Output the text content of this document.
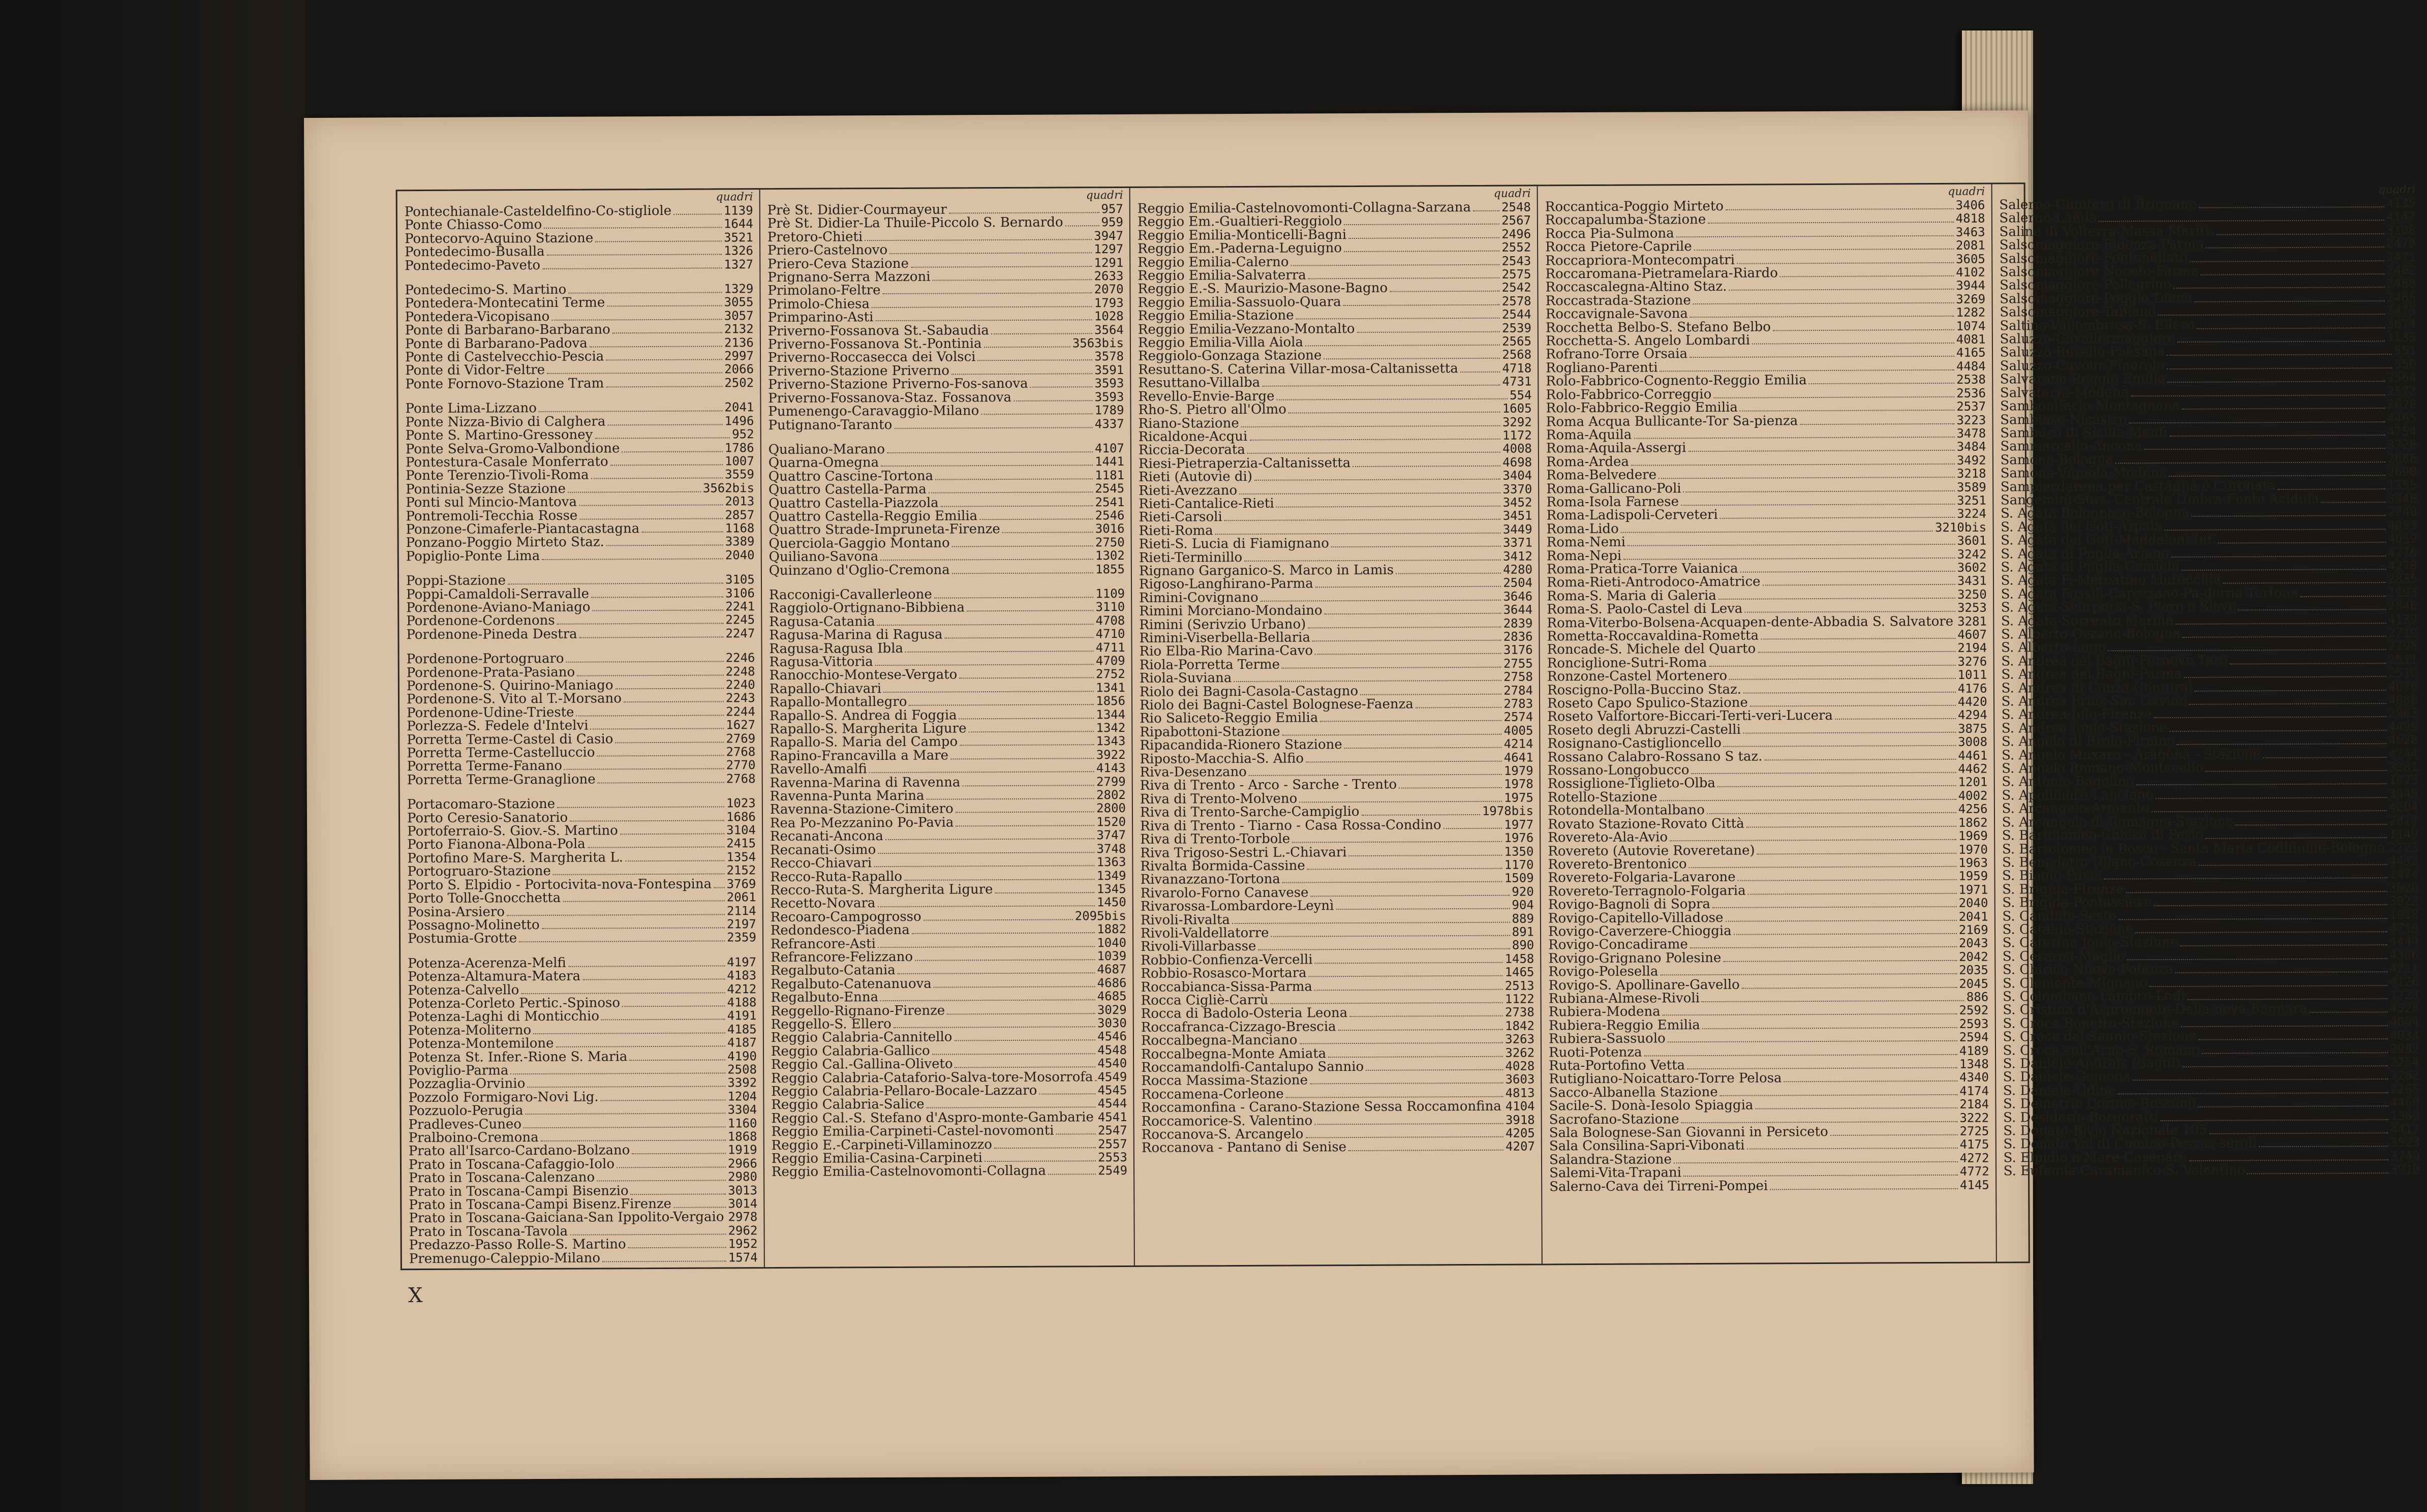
quadri
Pontechianale-Casteldelfino-Co-stigliole	1139
Ponte Chiasso-Como	1644
Pontecorvo-Aquino Stazione	3521
Pontedecimo-Busalla	1326
Pontedecimo-Paveto	1327
Pontedecimo-S. Martino	1329
Pontedera-Montecatini Terme	3055
Pontedera-Vicopisano	3057
Ponte di Barbarano-Barbarano	2132
Ponte di Barbarano-Padova	2136
Ponte di Castelvecchio-Pescia	2997
Ponte di Vidor-Feltre	2066
Ponte Fornovo-Stazione Tram	2502
Ponte Lima-Lizzano	2041
Ponte Nizza-Bivio di Calghera	1496
Ponte S. Martino-Gressoney	952
Ponte Selva-Gromo-Valbondione	1786
Pontestura-Casale Monferrato	1007
Ponte Terenzio-Tivoli-Roma	3559
Pontinia-Sezze Stazione	3562bis
Ponti sul Mincio-Mantova	2013
Pontremoli-Tecchia Rosse	2857
Ponzone-Cimaferle-Piantacastagna	1168
Ponzano-Poggio Mirteto Staz.	3389
Popiglio-Ponte Lima	2040
Poppi-Stazione	3105
Poppi-Camaldoli-Serravalle	3106
Pordenone-Aviano-Maniago	2241
Pordenone-Cordenons	2245
Pordenone-Pineda Destra	2247
Pordenone-Portogruaro	2246
Pordenone-Prata-Pasiano	2248
Pordenone-S. Quirino-Maniago	2240
Pordenone-S. Vito al T.-Morsano	2243
Pordenone-Udine-Trieste	2244
Porlezza-S. Fedele d'Intelvi	1627
Porretta Terme-Castel di Casio	2769
Porretta Terme-Castelluccio	2768
Porretta Terme-Fanano	2770
Porretta Terme-Granaglione	2768
Portacomaro-Stazione	1023
Porto Ceresio-Sanatorio	1686
Portoferraio-S. Giov.-S. Martino	3104
Porto Fianona-Albona-Pola	2415
Portofino Mare-S. Margherita L.	1354
Portogruaro-Stazione	2152
Porto S. Elpidio - Portocivita-nova-Fontespina 3769
Porto Tolle-Gnocchetta	2061
Posina-Arsiero	2114
Possagno-Molinetto	2197
Postumia-Grotte	2359
Potenza-Acerenza-Melfi	4197
Potenza-Altamura-Matera	4183
Potenza-Calvello	4212
Potenza-Corleto Pertic.-Spinoso	4188
Potenza-Laghi di Monticchio	4191
Potenza-Moliterno	4185
Potenza-Montemilone	4187
Potenza St. Infer.-Rione S. Maria	4190
Poviglio-Parma	2508
Pozzaglia-Orvinio	3392
Pozzolo Formigaro-Novi Lig.	1204
Pozzuolo-Perugia	3304
Pradleves-Cuneo	1160
Pralboino-Cremona	1868
Prato all'Isarco-Cardano-Bolzano	1919
Prato in Toscana-Cafaggio-Iolo	2966
Prato in Toscana-Calenzano	2980
Prato in Toscana-Campi Bisenzio	3013
Prato in Toscana-Campi Bisenz.Firenze	3014
Prato in Toscana-Gaiciana-San Ippolito-Vergaio 2978
Prato in Toscana-Tavola	2962
Predazzo-Passo Rolle-S. Martino	1952
Premenugo-Caleppio-Milano	1574
quadri
Prè St. Didier-Courmayeur	957
Prè St. Didier-La Thuile-Piccolo S. Bernardo	959
Pretoro-Chieti	3947
Priero-Castelnovo	1297
Priero-Ceva Stazione	1291
Prignano-Serra Mazzoni	2633
Primolano-Feltre	2070
Primolo-Chiesa	1793
Primparino-Asti	1028
Priverno-Fossanova St.-Sabaudia	3564
Priverno-Fossanova St.-Pontinia	3563bis
Priverno-Roccasecca dei Volsci	3578
Priverno-Stazione Priverno	3591
Priverno-Stazione Priverno-Fos-sanova	3593
Priverno-Fossanova-Staz. Fossanova	3593
Pumenengo-Caravaggio-Milano	1789
Putignano-Taranto	4337
Qualiano-Marano	4107
Quarna-Omegna	1441
Quattro Cascine-Tortona	1181
Quattro Castella-Parma	2545
Quattro Castella-Piazzola	2541
Quattro Castella-Reggio Emilia	2546
Quattro Strade-Impruneta-Firenze	3016
Querciola-Gaggio Montano	2750
Quiliano-Savona	1302
Quinzano d'Oglio-Cremona	1855
Racconigi-Cavallerleone	1109
Raggiolo-Ortignano-Bibbiena	3110
Ragusa-Catania	4708
Ragusa-Marina di Ragusa	4710
Ragusa-Ragusa Ibla	4711
Ragusa-Vittoria	4709
Ranocchio-Montese-Vergato	2752
Rapallo-Chiavari	1341
Rapallo-Montallegro	1856
Rapallo-S. Andrea di Foggia	1344
Rapallo-S. Margherita Ligure	1342
Rapallo-S. Maria del Campo	1343
Rapino-Francavilla a Mare	3922
Ravello-Amalfi	4143
Ravenna-Marina di Ravenna	2799
Ravenna-Punta Marina	2802
Ravenna-Stazione-Cimitero	2800
Rea Po-Mezzanino Po-Pavia	1520
Recanati-Ancona	3747
Recanati-Osimo	3748
Recco-Chiavari	1363
Recco-Ruta-Rapallo	1349
Recco-Ruta-S. Margherita Ligure	1345
Recetto-Novara	1450
Recoaro-Campogrosso	2095bis
Redondesco-Piadena	1882
Refrancore-Asti	1040
Refrancore-Felizzano	1039
Regalbuto-Catania	4687
Regalbuto-Catenanuova	4686
Regalbuto-Enna	4685
Reggello-Rignano-Firenze	3029
Reggello-S. Ellero	3030
Reggio Calabria-Cannitello	4546
Reggio Calabria-Gallico	4548
Reggio Cal.-Gallina-Oliveto	4540
Reggio Calabria-Cataforio-Salva-tore-Mosorrofa 4549
Reggio Calabria-Pellaro-Bocale-Lazzaro	4545
Reggio Calabria-Salice	4544
Reggio Cal.-S. Stefano d'Aspro-monte-Gambarie 4541
Reggio Emilia-Carpineti-Castel-novomonti	2547
Reggio E.-Carpineti-Villaminozzo	2557
Reggio Emilia-Casina-Carpineti	2553
Reggio Emilia-Castelnovomonti-Collagna	2549
quadri
Reggio Emilia-Castelnovomonti-Collagna-Sarzana	2548
Reggio Em.-Gualtieri-Reggiolo	2567
Reggio Emilia-Monticelli-Bagni	2496
Reggio Em.-Paderna-Leguigno	2552
Reggio Emilia-Calerno	2543
Reggio Emilia-Salvaterra	2575
Reggio E.-S. Maurizio-Masone-Bagno	2542
Reggio Emilia-Sassuolo-Quara	2578
Reggio Emilia-Stazione	2544
Reggio Emilia-Vezzano-Montalto	2539
Reggio Emilia-Villa Aiola	2565
Reggiolo-Gonzaga Stazione	2568
Resuttano-S. Caterina Villar-mosa-Caltanissetta	4718
Resuttano-Villalba	4731
Revello-Envie-Barge	554
Rho-S. Pietro all'Olmo	1605
Riano-Stazione	3292
Ricaldone-Acqui	1172
Riccia-Decorata	4008
Riesi-Pietraperzia-Caltanissetta	4698
Rieti (Autovie di)	3404
Rieti-Avezzano	3370
Rieti-Cantalice-Rieti	3452
Rieti-Carsoli	3451
Rieti-Roma	3449
Rieti-S. Lucia di Fiamignano	3371
Rieti-Terminillo	3412
Rignano Garganico-S. Marco in Lamis	4280
Rigoso-Langhirano-Parma	2504
Rimini-Covignano	3646
Rimini Morciano-Mondaino	3644
Rimini (Serivzio Urbano)	2839
Rimini-Viserbella-Bellaria	2836
Rio Elba-Rio Marina-Cavo	3176
Riola-Porretta Terme	2755
Riola-Suviana	2758
Riolo dei Bagni-Casola-Castagno	2784
Riolo dei Bagni-Castel Bolognese-Faenza	2783
Rio Saliceto-Reggio Emilia	2574
Ripabottoni-Stazione	4005
Ripacandida-Rionero Stazione	4214
Riposto-Macchia-S. Alfio	4641
Riva-Desenzano	1979
Riva di Trento - Arco - Sarche - Trento	1978
Riva di Trento-Molveno	1975
Riva di Trento-Sarche-Campiglio	1978bis
Riva di Trento - Tiarno - Casa Rossa-Condino	1977
Riva di Trento-Torbole	1976
Riva Trigoso-Sestri L.-Chiavari	1350
Rivalta Bormida-Cassine	1170
Rivanazzano-Tortona	1509
Rivarolo-Forno Canavese	920
Rivarossa-Lombardore-Leynì	904
Rivoli-Rivalta	889
Rivoli-Valdellatorre	891
Rivoli-Villarbasse	890
Robbio-Confienza-Vercelli	1458
Robbio-Rosasco-Mortara	1465
Roccabianca-Sissa-Parma	2513
Rocca Cigliè-Carrù	1122
Rocca di Badolo-Osteria Leona	2738
Roccafranca-Cizzago-Brescia	1842
Roccalbegna-Manciano	3263
Roccalbegna-Monte Amiata	3262
Roccamandolfi-Cantalupo Sannio	4028
Rocca Massima-Stazione	3603
Roccamena-Corleone	4813
Roccamonfina - Carano-Stazione Sessa Roccamonfina 4104
Roccamorice-S. Valentino	3918
Roccanova-S. Arcangelo	4205
Roccanova - Pantano di Senise	4207
quadri
Roccantica-Poggio Mirteto	3406
Roccapalumba-Stazione	4818
Rocca Pia-Sulmona	3463
Rocca Pietore-Caprile	2081
Roccapriora-Montecompatri	3605
Roccaromana-Pietramelara-Riardo	4102
Roccascalegna-Altino Staz.	3944
Roccastrada-Stazione	3269
Roccavignale-Savona	1282
Rocchetta Belbo-S. Stefano Belbo	1074
Rocchetta-S. Angelo Lombardi	4081
Rofrano-Torre Orsaia	4165
Rogliano-Parenti	4484
Rolo-Fabbrico-Cognento-Reggio Emilia	2538
Rolo-Fabbrico-Correggio	2536
Rolo-Fabbrico-Reggio Emilia	2537
Roma Acqua Bullicante-Tor Sa-pienza	3223
Roma-Aquila	3478
Roma-Aquila-Assergi	3484
Roma-Ardea	3492
Roma-Belvedere	3218
Roma-Gallicano-Poli	3589
Roma-Isola Farnese	3251
Roma-Ladispoli-Cerveteri	3224
Roma-Lido	3210bis
Roma-Nemi	3601
Roma-Nepi	3242
Roma-Pratica-Torre Vaianica	3602
Roma-Rieti-Antrodoco-Amatrice	3431
Roma-S. Maria di Galeria	3250
Roma-S. Paolo-Castel di Leva	3253
Roma-Viterbo-Bolsena-Acquapen-dente-Abbadia S. Salvatore 3281
Rometta-Roccavaldina-Rometta	4607
Roncade-S. Michele del Quarto	2194
Ronciglione-Sutri-Roma	3276
Ronzone-Castel Mortenero	1011
Roscigno-Polla-Buccino Staz.	4176
Roseto Capo Spulico-Stazione	4420
Roseto Valfortore-Biccari-Terti-veri-Lucera	4294
Roseto degli Abruzzi-Castelli	3875
Rosignano-Castiglioncello	3008
Rossano Calabro-Rossano S taz.	4461
Rossano-Longobucco	4462
Rossiglione-Tiglieto-Olba	1201
Rotello-Stazione	4002
Rotondella-Montalbano	4256
Rovato Stazione-Rovato Città	1862
Rovereto-Ala-Avio	1969
Rovereto (Autovie Roveretane)	1970
Rovereto-Brentonico	1963
Rovereto-Folgaria-Lavarone	1959
Rovereto-Terragnolo-Folgaria	1971
Rovigo-Bagnoli di Sopra	2040
Rovigo-Capitello-Villadose	2041
Rovigo-Caverzere-Chioggia	2169
Rovigo-Concadirame	2043
Rovigo-Grignano Polesine	2042
Rovigo-Polesella	2035
Rovigo-S. Apollinare-Gavello	2045
Rubiana-Almese-Rivoli	886
Rubiera-Modena	2592
Rubiera-Reggio Emilia	2593
Rubiera-Sassuolo	2594
Ruoti-Potenza	4189
Ruta-Portofino Vetta	1348
Rutigliano-Noicattaro-Torre Pelosa	4340
Sacco-Albanella Stazione	4174
Sacile-S. Donà-Iesolo Spiaggia	2184
Sacrofano-Stazione	3222
Sala Bolognese-San Giovanni in Persiceto	2725
Sala Consilina-Sapri-Vibonati	4175
Salandra-Stazione	4272
Salemi-Vita-Trapani	4772
Salerno-Cava dei Tirreni-Pompei	4145
quadri
Salerno-Cimitero di Brignano	4135
Salerno-Lamia	4147
Saline di Volterra-Massa Maritt.	3108
Salsomaggiore-Fidenza-Parma	2478
Salsomaggiore-Fontanellato	2471
Salsomaggiore Noceto-Parma	2482
Salsomaggiore-Pellegrino	2480
Salsomaggiore-Poggio Diana	2465
Salsomaggiore-Tabiano	2475
Saltino-Vallombrosa-S. Ellero	3074
Saluzzo-Cavallermaggiore	1135
Saluzzo-Revello-Paesana	551
Saluzzo-Cavour-Pinerolo	550
Salvarano-Reggio Emilia	2564
Salvaterra-Modena	2572
Sambonifacio-Montagnana	2028
Sambiase-Nicastro	4465
Sambuca di Sicilia-Menfi	4754
Sammarcello-Ancona	3728
Samone-Bologna	2688
Samone-Vignola-Modena	2690
Sampierdarena per Castagna e Coronata	1355
Sangemini-Staz. Centrale Umbra-Fonte Acidula	3448
S. Agata Bolognese-Bologna	2740
S. Agata dei Goti-Arpaia	4053
S. Agata dei Goti-Maddaloni Inf.	4059
S. Agata di Puglia-Ariano	4276
S. Agata di Puglia-Candela	4278
S. Agata F.-Mercatino Marecchia	2835
S. Agata Fossili-Carezzano-Pa-derna-Tortona	1193
S. Agata-Scarperia-S. Piero a Sieve	2846
S. Agata-Sorrento Marina	4139
S. Alberto-Ozzano-Bologna	2719
S. Alberto-Lugo	2798
S. Andrea dei Bagni-Fornovo Taro	2511
S. Andrea dei Bagni-Parma	2510
S. Andrea di Conza-Conturai	4070
S. Andrea Frius-San Gavino	4880
S. Andrea-Iolo-Firenze	2963
S. Andrea Jonio-Stazione	4499
S. Angelo di Brolo-Piraino	4628
S. Angelo Muxaro - Aragona - Stazione	4744
S. Angelo Romano-Montecelio	3381
S. Antonio-Bagolino	1825
S. Apollinare-Lanciano	3945
S. Arcangelo-Armento	4204
S. Arcangelo di Romagna-Stazione	2817
S. Bartolomeo-Chiusa di Pesio	1149
S. Bartolomeo in Bosco - Santa Maria Codifiume-Bologna 2723
S. Benedetto Ullano-Cosenza	4432
S. Biagio-Pavia	1474
S. Brigida-Firenze	3020
S. Brigida-Pontassieve	3022
S. Candido-Sesto	1918
S. Cataldo-Stazione	4719
S. Caterina Jonio-Stazione	4444
S. Cesarea-Maglie	4386
S. Chirico Nuovo-Potenza	4211
S. Clemente-Mignano	4126
S. Colombano Lambro-Lodi	1723
S. Cristina d'Aspromonte-Della-nova-Bagnara	4528
S. Croce Bonefro-Stazione	4004
S. Croce del Sannio-Stazione	4034
S. Croce sull'Arno-S. Romano	2982
S. Daniele-Andreis (Bagni)	2264
S. Daniele-Gemona	2262
S. Daniele-Udine	2265
S. Demetrio Corone-Rossano	4460
S. Desiderio-Borgoratti	1360
S. Donato-Bivio Nazionale 105	4417
S. Donato Val di Comino-Pescas-seroli	3523
S. Elpidio a Mare-Casenare	3749
S. Eufemia-Caramanico-S. Valentino	3910
X
